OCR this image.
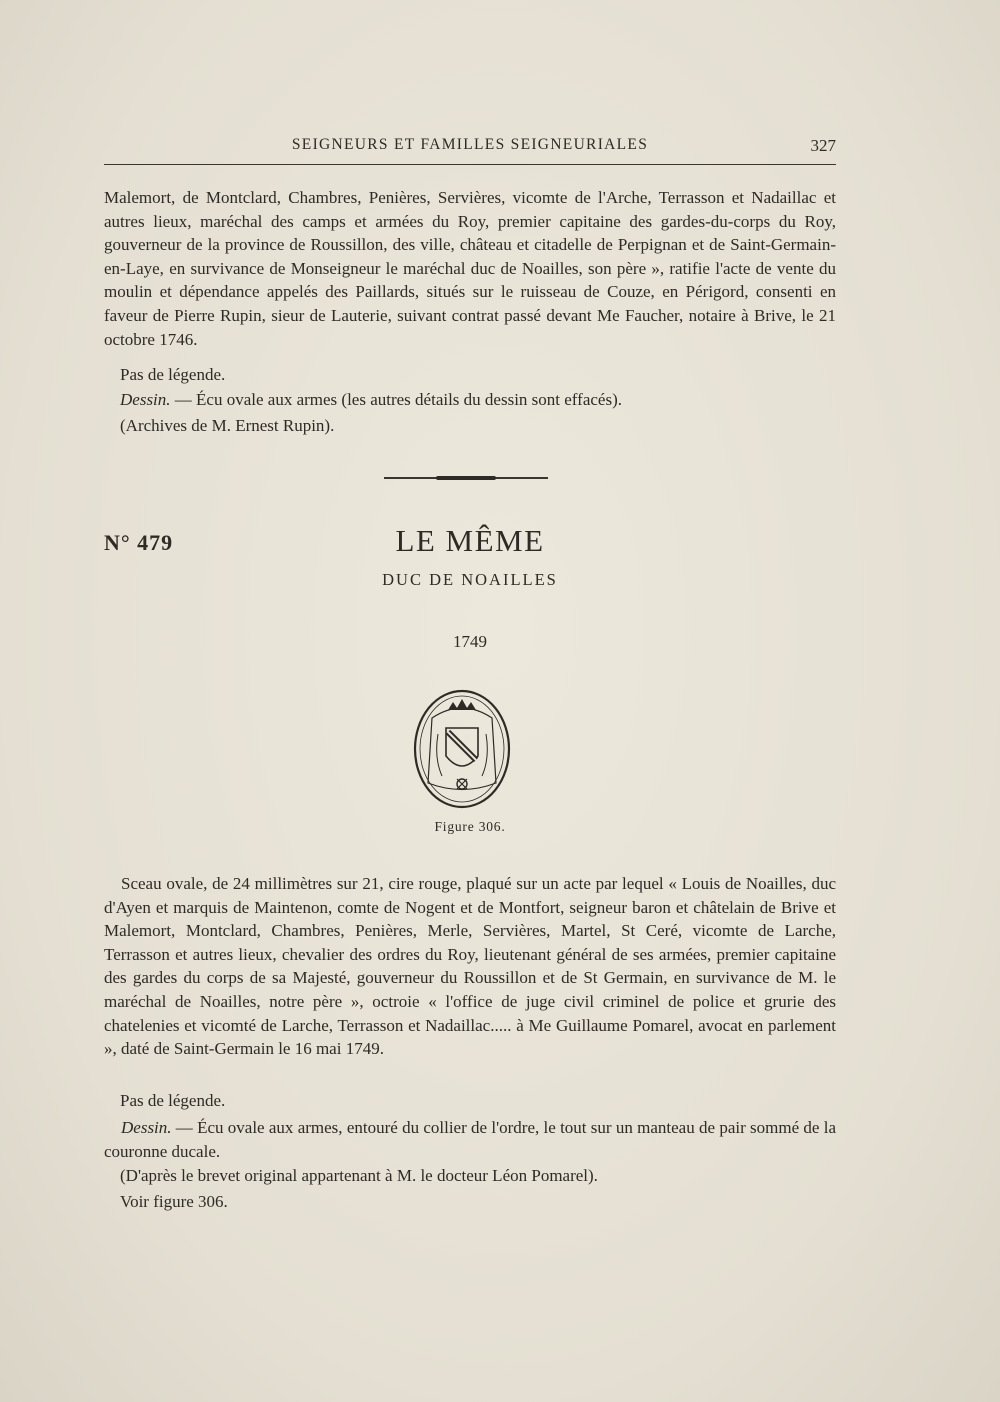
SEIGNEURS ET FAMILLES SEIGNEURIALES	327

Malemort, de Montclard, Chambres, Penières, Servières, vicomte de l'Arche, Terrasson et Nadaillac et autres lieux, maréchal des camps et armées du Roy, premier capitaine des gardes-du-corps du Roy, gouverneur de la province de Roussillon, des ville, château et citadelle de Perpignan et de Saint-Germain-en-Laye, en survivance de Monseigneur le maréchal duc de Noailles, son père », ratifie l'acte de vente du moulin et dépendance appelés des Paillards, situés sur le ruisseau de Couze, en Périgord, consenti en faveur de Pierre Rupin, sieur de Lauterie, suivant contrat passé devant Me Faucher, notaire à Brive, le 21 octobre 1746.

Pas de légende.

Dessin. — Écu ovale aux armes (les autres détails du dessin sont effacés).

(Archives de M. Ernest Rupin).

N° 479	LE MÊME
DUC DE NOAILLES
1749
Figure 306.

Sceau ovale, de 24 millimètres sur 21, cire rouge, plaqué sur un acte par lequel « Louis de Noailles, duc d'Ayen et marquis de Maintenon, comte de Nogent et de Montfort, seigneur baron et châtelain de Brive et Malemort, Montclard, Chambres, Penières, Merle, Servières, Martel, St Ceré, vicomte de Larche, Terrasson et autres lieux, chevalier des ordres du Roy, lieutenant général de ses armées, premier capitaine des gardes du corps de sa Majesté, gouverneur du Roussillon et de St Germain, en survivance de M. le maréchal de Noailles, notre père », octroie « l'office de juge civil criminel de police et grurie des chatelenies et vicomté de Larche, Terrasson et Nadaillac..... à Me Guillaume Pomarel, avocat en parlement », daté de Saint-Germain le 16 mai 1749.

Pas de légende.

Dessin. — Écu ovale aux armes, entouré du collier de l'ordre, le tout sur un manteau de pair sommé de la couronne ducale.

(D'après le brevet original appartenant à M. le docteur Léon Pomarel).

Voir figure 306.
